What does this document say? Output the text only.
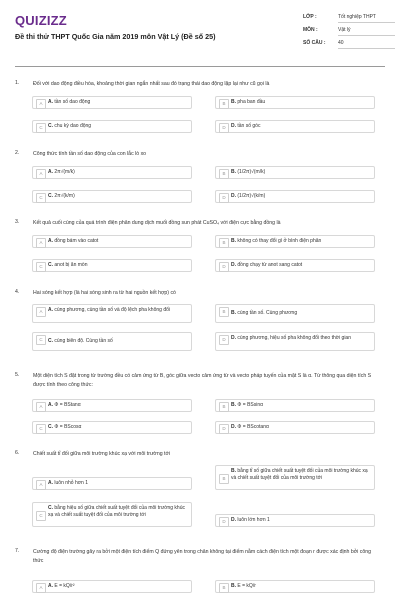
QUIZIZZ
Đề thi thử THPT Quốc Gia năm 2019 môn Vật Lý (Đề số 25)
LỚP :	Tốt nghiệp THPT
MÔN :	Vật lý
SỐ CÂU :	40
1.	Đối với dao động điều hòa, khoảng thời gian ngắn nhất sau đó trạng thái dao động lặp lại như cũ gọi là
A	A. tần số dao động	B	B. pha ban đầu
C	C. chu kỳ dao động	D	D. tần số góc
2.	Công thức tính tần số dao động của con lắc lò xo
A	A. 2π√(m/k)	B	B. (1/2π)√(m/k)
C	C. 2π√(k/m)	D	D. (1/2π)√(k/m)
3.	Kết quả cuối cùng của quá trình điện phân dung dịch muối đồng sun phát CuSO₄ với điện cực bằng đồng là
A	A. đồng bám vào catot	B	B. không có thay đổi gì ở bình điện phân
C	C. anot bị ăn mòn	D	D. đồng chạy từ anot sang catot
4.	Hai sóng kết hợp (là hai sóng sinh ra từ hai nguồn kết hợp) có
A	A. cùng phương, cùng tần số và độ lệch pha không đổi	B	B. cùng tần số. Cùng phương
C	C. cùng biên độ. Cùng tần số	D	D. cùng phương, hiệu số pha không đổi theo thời gian
5.	Một diện tích S đặt trong từ trường đều có cảm ứng từ B, góc giữa vecto cảm ứng từ và vecto pháp tuyến của mặt S là α. Từ thông qua diện tích S được tính theo công thức:
A	A. Φ = BStanα	B	B. Φ = BSsinα
C	C. Φ = BScosα	D	D. Φ = BScotanα
6.	Chiết suất tỉ đối giữa môi trường khúc xạ với môi trường tới
A	A. luôn nhỏ hơn 1
B
B. bằng tỉ số giữa chiết suất tuyệt đối của môi trường khúc xạ và chiết suất tuyệt đối của môi trường tới
C
C. bằng hiệu số giữa chiết suất tuyệt đối của môi trường khúc xạ và chiết suất tuyệt đối của môi trường tới
D	D. luôn lớn hơn 1
7.	Cường độ điện trường gây ra bởi một điện tích điểm Q đứng yên trong chân không tại điểm nằm cách điện tích một đoạn r được xác định bởi công thức
A	A. E = kQ/r²	B	B. E = kQ/r
